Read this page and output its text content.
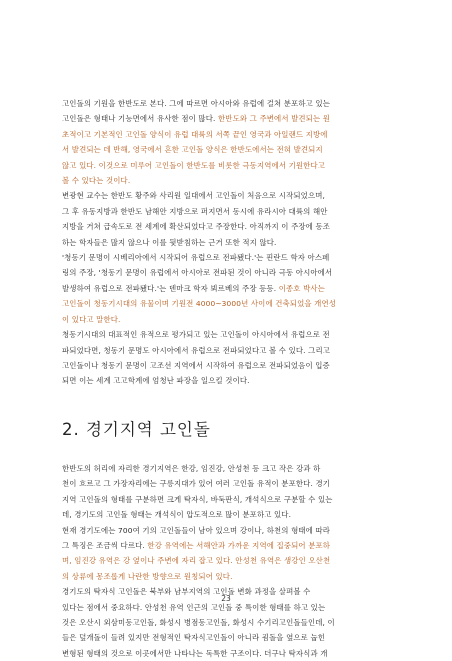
고인돌의 기원을 한반도로 본다. 그에 따르면 아시아와 유럽에 걸쳐 분포하고 있는

고인돌은 형태나 기능면에서 유사한 점이 많다. 한반도와 그 주변에서 발견되는 원

초적이고 기본적인 고인돌 양식이 유럽 대륙의 서쪽 끝인 영국과 아일랜드 지방에

서 발견되는 데 반해, 영국에서 흔한 고인돌 양식은 한반도에서는 전혀 발견되지

않고 있다. 이것으로 미루어 고인돌이 한반도를 비롯한 극동지역에서 기원한다고

볼 수 있다는 것이다.

변광현 교수는 한반도 황주와 사리원 일대에서 고인돌이 처음으로 시작되었으며,

그 후 유동지방과 한반도 남해안 지방으로 퍼지면서 동시에 유라시아 대륙의 해안

지방을 거쳐 급속도로 전 세계에 확산되었다고 주장한다. 아직까지 이 주장에 동조

하는 학자들은 많지 않으나 이를 뒷받침하는 근거 또한 적지 않다.

'청동기 문명이 시베리아에서 시작되어 유럽으로 전파됐다.'는 핀란드 학자 아스페

링의 주장, '청동기 문명이 유럽에서 아시아로 전파된 것이 아니라 극동 아시아에서

발생하여 유럽으로 전파됐다.'는 덴마크 학자 뵈르베의 주장 등등. 이종호 박사는

고인돌이 청동기시대의 유물이며 기원전 4000~3000년 사이에 건축되었을 개연성

이 있다고 말한다.

청동기시대의 대표적인 유적으로 평가되고 있는 고인돌이 아시아에서 유럽으로 전

파되었다면, 청동기 문명도 아시아에서 유럽으로 전파되었다고 볼 수 있다. 그리고

고인돌이나 청동기 문명이 고조선 지역에서 시작하여 유럽으로 전파되었음이 입증

되면 이는 세계 고고학계에 엄청난 파장을 일으킬 것이다.

2. 경기지역 고인돌

한반도의 허리에 자리한 경기지역은 한강, 임진강, 안성천 등 크고 작은 강과 하

천이 흐르고 그 가장자리에는 구릉지대가 있어 여러 고인돌 유적이 분포한다. 경기

지역 고인돌의 형태를 구분하면 크게 탁자식, 바둑판식, 개석식으로 구분할 수 있는

데, 경기도의 고인돌 형태는 개석식이 압도적으로 많이 분포하고 있다.

현재 경기도에는 700여 기의 고인돌들이 남아 있으며 강이나, 하천의 형태에 따라

그 특징은 조금씩 다르다. 한강 유역에는 서해안과 가까운 지역에 집중되어 분포하

며, 임진강 유역은 강 옆이나 주변에 자리 잡고 있다. 안성천 유역은 생강인 오산천

의 상류에 몽조롭게 나란한 방향으로 원칭되어 있다.

경기도의 탁자식 고인돌은 북부와 남부지역의 고인돌 변화 과정을 살펴볼 수

있다는 점에서 중요하다. 안성천 유역 인근의 고인돌 중 특이한 형태를 하고 있는

것은 오산시 외삼미동고인돌, 화성시 병점동고인돌, 화성시 수기리고인돌들인데, 이

들은 덮개돌이 들려 있지만 전형적인 탁자식고인돌이 아니라 굄돌을 옆으로 눕힌

변형된 형태의 것으로 이곳에서만 나타나는 독특한 구조이다. 더구나 탁자식과 개

23
